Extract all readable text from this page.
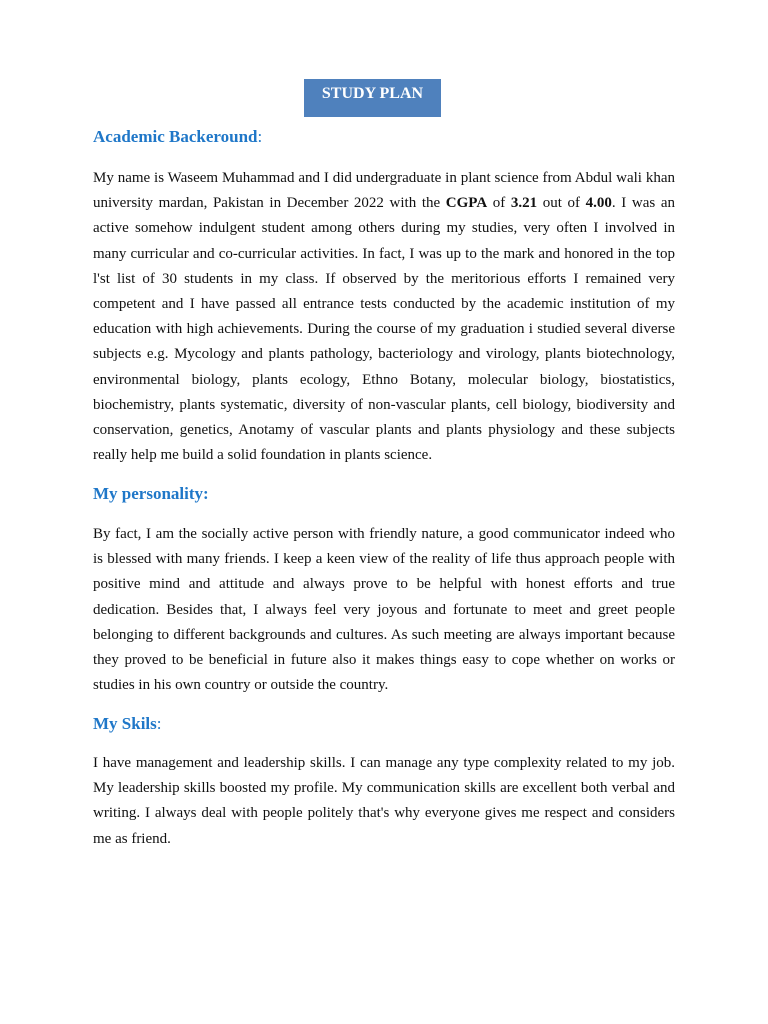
STUDY PLAN
Academic Backeround:

My name is Waseem Muhammad and I did undergraduate in plant science from Abdul wali khan university mardan, Pakistan in December 2022 with the CGPA of 3.21 out of 4.00. I was an active somehow indulgent student among others during my studies, very often I involved in many curricular and co-curricular activities. In fact, I was up to the mark and honored in the top l'st list of 30 students in my class. If observed by the meritorious efforts I remained very competent and I have passed all entrance tests conducted by the academic institution of my education with high achievements. During the course of my graduation i studied several diverse subjects e.g. Mycology and plants pathology, bacteriology and virology, plants biotechnology, environmental biology, plants ecology, Ethno Botany, molecular biology, biostatistics, biochemistry, plants systematic, diversity of non-vascular plants, cell biology, biodiversity and conservation, genetics, Anotamy of vascular plants and plants physiology and these subjects really help me build a solid foundation in plants science.

My personality:

By fact, I am the socially active person with friendly nature, a good communicator indeed who is blessed with many friends. I keep a keen view of the reality of life thus approach people with positive mind and attitude and always prove to be helpful with honest efforts and true dedication. Besides that, I always feel very joyous and fortunate to meet and greet people belonging to different backgrounds and cultures. As such meeting are always important because they proved to be beneficial in future also it makes things easy to cope whether on works or studies in his own country or outside the country.

My Skils:

I have management and leadership skills. I can manage any type complexity related to my job. My leadership skills boosted my profile. My communication skills are excellent both verbal and writing. I always deal with people politely that's why everyone gives me respect and considers me as friend.
